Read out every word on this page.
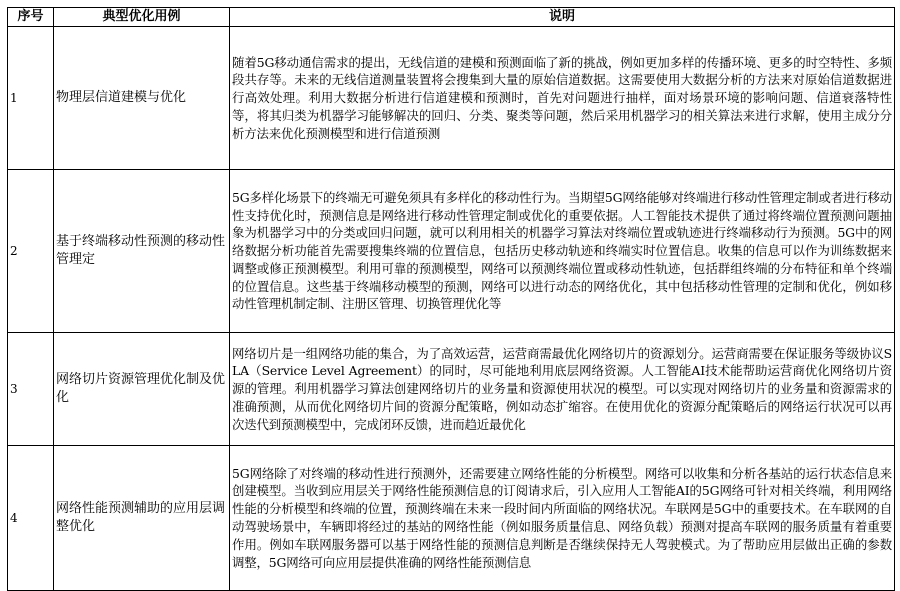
序号	典型优化用例	说明
1	物理层信道建模与优化	随着5G移动通信需求的提出，无线信道的建模和预测面临了新的挑战，例如更加多样的传播环境、更多的时空特性、多频段共存等。未来的无线信道测量装置将会搜集到大量的原始信道数据。这需要使用大数据分析的方法来对原始信道数据进行高效处理。利用大数据分析进行信道建模和预测时，首先对问题进行抽样，面对场景环境的影响问题、信道衰落特性等，将其归类为机器学习能够解决的回归、分类、聚类等问题，然后采用机器学习的相关算法来进行求解，使用主成分分析方法来优化预测模型和进行信道预测
2	基于终端移动性预测的移动性管理定	5G多样化场景下的终端无可避免须具有多样化的移动性行为。当期望5G网络能够对终端进行移动性管理定制或者进行移动性支持优化时，预测信息是网络进行移动性管理定制或优化的重要依据。人工智能技术提供了通过将终端位置预测问题抽象为机器学习中的分类或回归问题，就可以利用相关的机器学习算法对终端位置或轨迹进行终端移动行为预测。5G中的网络数据分析功能首先需要搜集终端的位置信息，包括历史移动轨迹和终端实时位置信息。收集的信息可以作为训练数据来调整或修正预测模型。利用可靠的预测模型，网络可以预测终端位置或移动性轨迹，包括群组终端的分布特征和单个终端的位置信息。这些基于终端移动模型的预测，网络可以进行动态的网络优化，其中包括移动性管理的定制和优化，例如移动性管理机制定制、注册区管理、切换管理优化等
3	网络切片资源管理优化制及优化	网络切片是一组网络功能的集合，为了高效运营，运营商需最优化网络切片的资源划分。运营商需要在保证服务等级协议SLA（Service Level Agreement）的同时，尽可能地利用底层网络资源。人工智能AI技术能帮助运营商优化网络切片资源的管理。利用机器学习算法创建网络切片的业务量和资源使用状况的模型。可以实现对网络切片的业务量和资源需求的准确预测，从而优化网络切片间的资源分配策略，例如动态扩缩容。在使用优化的资源分配策略后的网络运行状况可以再次迭代到预测模型中，完成闭环反馈，进而趋近最优化
4	网络性能预测辅助的应用层调整优化	5G网络除了对终端的移动性进行预测外，还需要建立网络性能的分析模型。网络可以收集和分析各基站的运行状态信息来创建模型。当收到应用层关于网络性能预测信息的订阅请求后，引入应用人工智能AI的5G网络可针对相关终端，利用网络性能的分析模型和终端的位置，预测终端在未来一段时间内所面临的网络状况。车联网是5G中的重要技术。在车联网的自动驾驶场景中，车辆即将经过的基站的网络性能（例如服务质量信息、网络负载）预测对提高车联网的服务质量有着重要作用。例如车联网服务器可以基于网络性能的预测信息判断是否继续保持无人驾驶模式。为了帮助应用层做出正确的参数调整，5G网络可向应用层提供准确的网络性能预测信息
